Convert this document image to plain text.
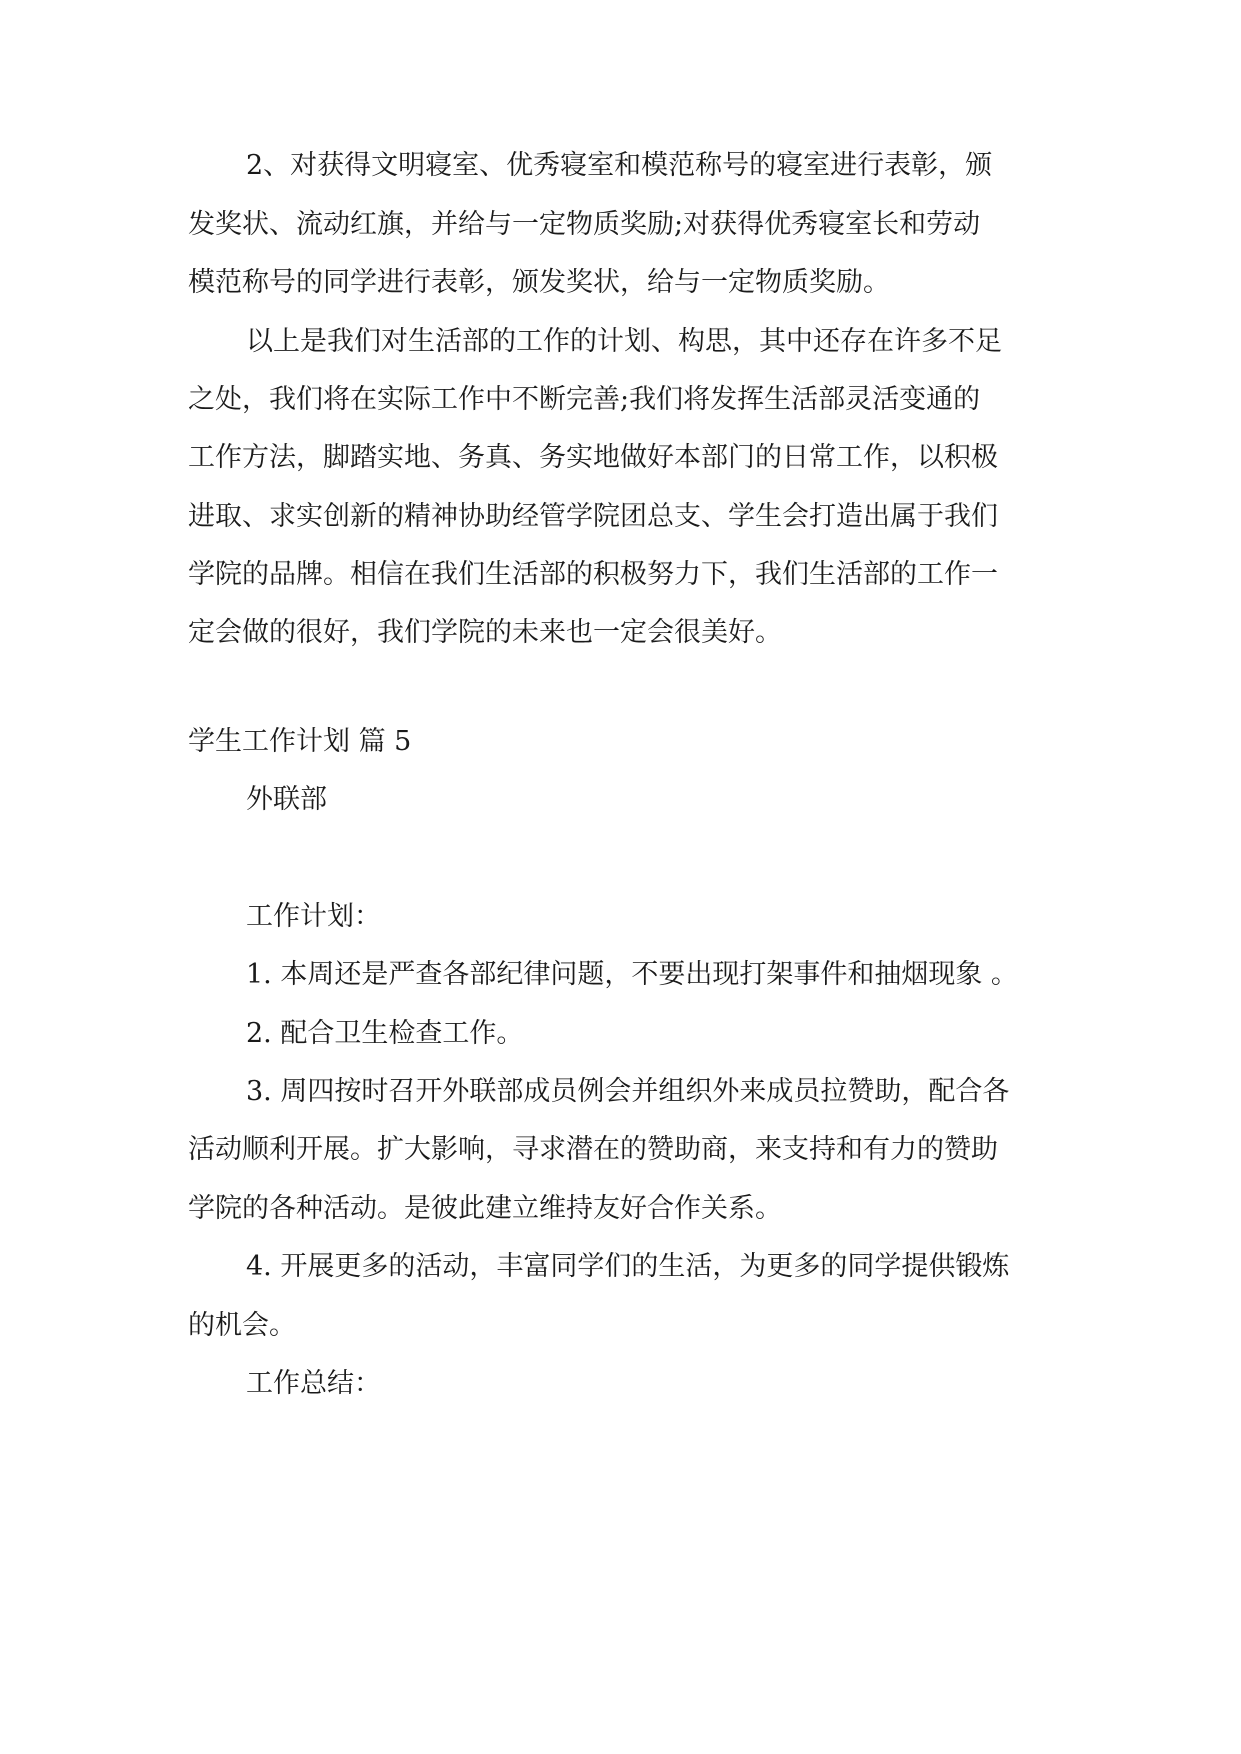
2、对获得文明寝室、优秀寝室和模范称号的寝室进行表彰，颁
发奖状、流动红旗，并给与一定物质奖励;对获得优秀寝室长和劳动
模范称号的同学进行表彰，颁发奖状，给与一定物质奖励。
以上是我们对生活部的工作的计划、构思，其中还存在许多不足
之处，我们将在实际工作中不断完善;我们将发挥生活部灵活变通的
工作方法，脚踏实地、务真、务实地做好本部门的日常工作，以积极
进取、求实创新的精神协助经管学院团总支、学生会打造出属于我们
学院的品牌。相信在我们生活部的积极努力下，我们生活部的工作一
定会做的很好，我们学院的未来也一定会很美好。
学生工作计划 篇 5
外联部
工作计划：
1. 本周还是严查各部纪律问题，不要出现打架事件和抽烟现象 。
2. 配合卫生检查工作。
3. 周四按时召开外联部成员例会并组织外来成员拉赞助，配合各
活动顺利开展。扩大影响，寻求潜在的赞助商，来支持和有力的赞助
学院的各种活动。是彼此建立维持友好合作关系。
4. 开展更多的活动，丰富同学们的生活，为更多的同学提供锻炼
的机会。
工作总结：
